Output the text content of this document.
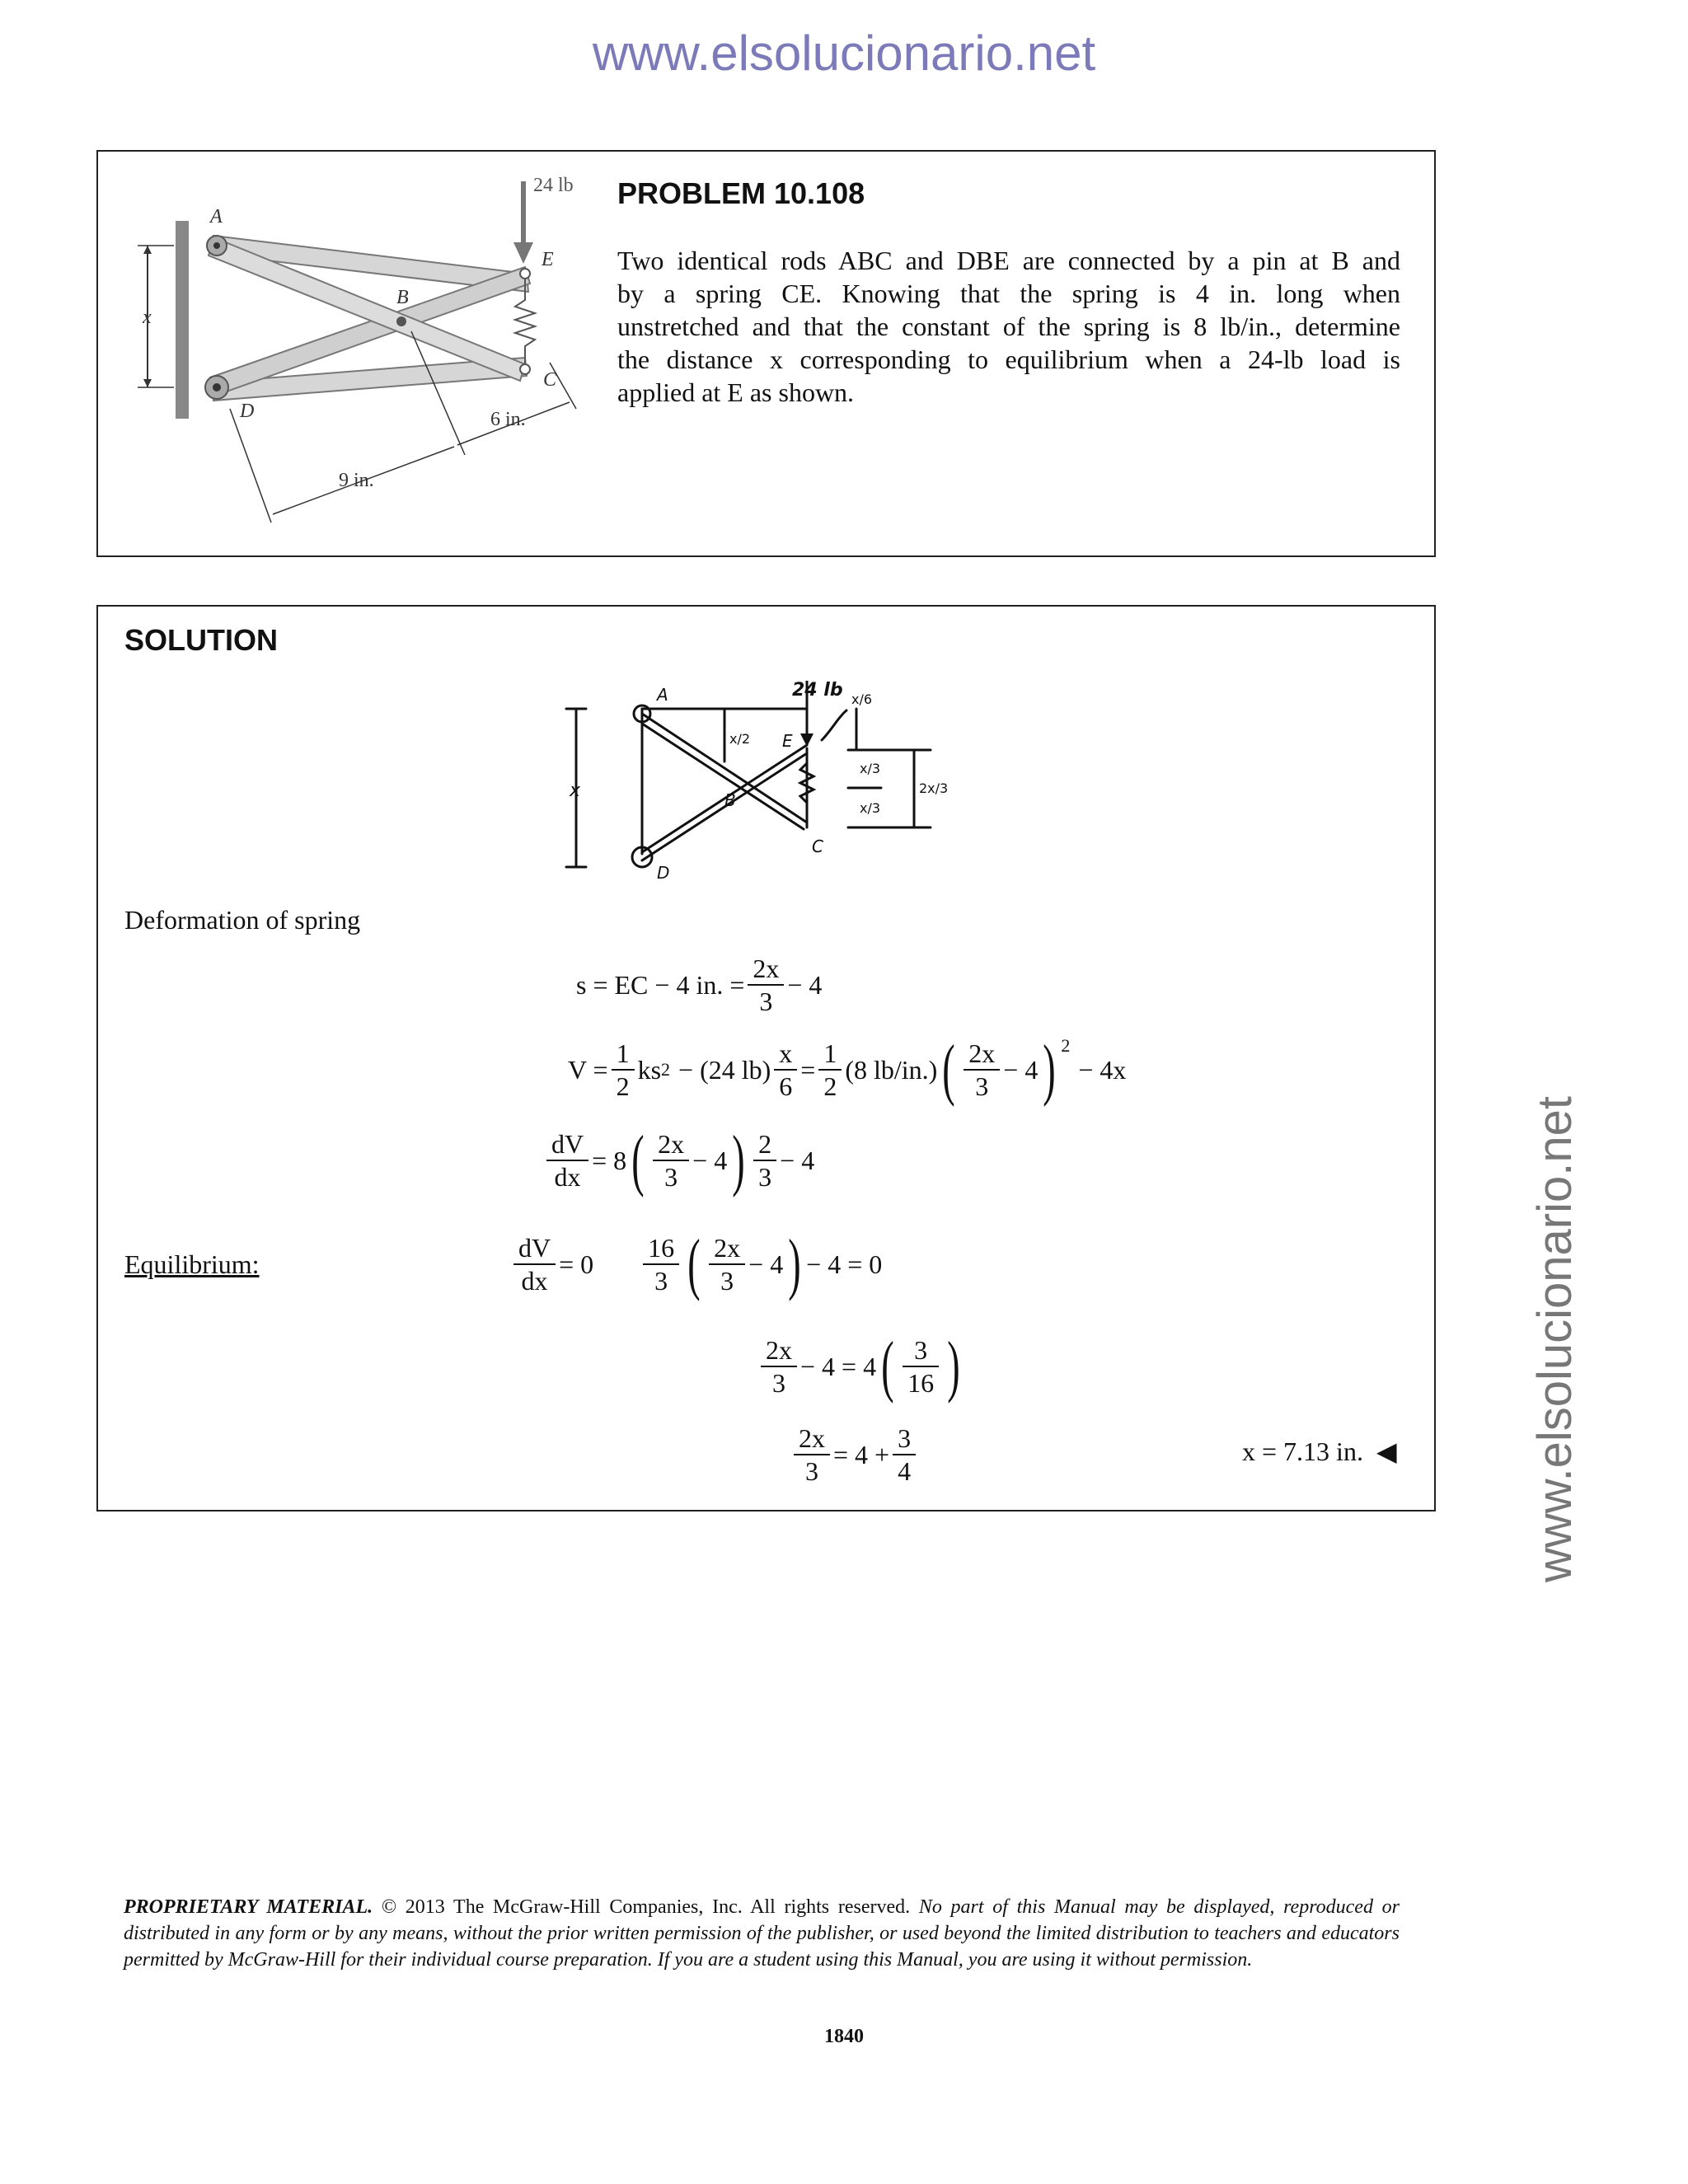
www.elsolucionario.net
www.elsolucionario.net
24 lb
A
B
C
D
E
x
6 in.
9 in.
PROBLEM 10.108
Two identical rods ABC and DBE are connected by a pin at B and
by a spring CE. Knowing that the spring is 4 in. long when
unstretched and that the constant of the spring is 8 lb/in., determine
the distance x corresponding to equilibrium when a 24-lb load is
applied at E as shown.
SOLUTION
24 lb
A
B
C
D
E
x
x/2
x/6
x/3
x/3
2x/3
Deformation of spring
s = EC − 4 in. = $\frac{2x}{3} - 4$
$V = \frac{1}{2}$ ks 2 − (24 $lb) \frac{x}{6} = \frac{1}{2} (8$ lb/in.) ( $\frac{2x}{3} - 4$ ) 2
− 4x
$\frac{dV}{dx} = 8$ ( $\frac{2x}{3} - 4$ ) $\frac{2}{3} - 4$
Equilibrium:	$\frac{dV}{dx} = 0 \frac{16}{3}$ ( $\frac{2x}{3} - 4$ ) − 4 = 0
$\frac{2x}{3} - 4 = 4$ ( $\frac{3}{16}$ )
$\frac{2x}{3} = 4 + \frac{3}{4}$	x = 7.13 in. ◀
PROPRIETARY MATERIAL. © 2013 The McGraw-Hill Companies, Inc. All rights reserved. No part of this Manual may be displayed, reproduced or distributed in any form or by any means, without the prior written permission of the publisher, or used beyond the limited distribution to teachers and educators permitted by McGraw-Hill for their individual course preparation. If you are a student using this Manual, you are using it without permission.
1840
